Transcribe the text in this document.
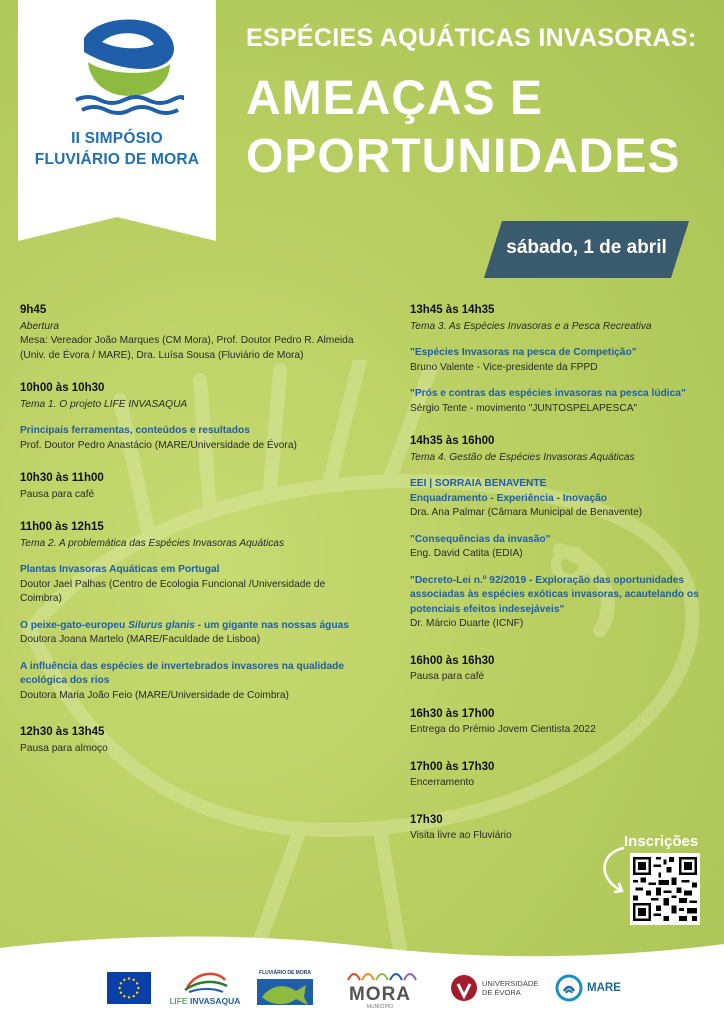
II SIMPÓSIO
FLUVIÁRIO DE MORA
ESPÉCIES AQUÁTICAS INVASORAS:
AMEAÇAS E
OPORTUNIDADES
sábado, 1 de abril
9h45
Abertura
Mesa: Vereador João Marques (CM Mora), Prof. Doutor Pedro R. Almeida (Univ. de Évora / MARE), Dra. Luísa Sousa (Fluviário de Mora)
10h00 às 10h30
Tema 1. O projeto LIFE INVASAQUA
Principais ferramentas, conteúdos e resultados
Prof. Doutor Pedro Anastácio (MARE/Universidade de Évora)
10h30 às 11h00
Pausa para café
11h00 às 12h15
Tema 2. A problemática das Espécies Invasoras Aquáticas
Plantas Invasoras Aquáticas em Portugal
Doutor Jael Palhas (Centro de Ecologia Funcional /Universidade de Coimbra)
O peixe-gato-europeu Silurus glanis - um gigante nas nossas águas
Doutora Joana Martelo (MARE/Faculdade de Lisboa)
A influência das espécies de invertebrados invasores na qualidade ecológica dos rios
Doutora Maria João Feio (MARE/Universidade de Coimbra)
12h30 às 13h45
Pausa para almoço
13h45 às 14h35
Tema 3. As Espécies Invasoras e a Pesca Recreativa
"Espécies Invasoras na pesca de Competição"
Bruno Valente - Vice-presidente da FPPD
"Prós e contras das espécies invasoras na pesca lúdica"
Sérgio Tente - movimento "JUNTOSPELAPESCA"
14h35 às 16h00
Tema 4. Gestão de Espécies Invasoras Aquáticas
EEI | SORRAIA BENAVENTE
Enquadramento - Experiência - Inovação
Dra. Ana Palmar (Câmara Municipal de Benavente)
"Consequências da invasão"
Eng. David Catita (EDIA)
"Decreto-Lei n.º 92/2019 - Exploração das oportunidades associadas às espécies exóticas invasoras, acautelando os potenciais efeitos indesejáveis"
Dr. Márcio Duarte (ICNF)
16h00 às 16h30
Pausa para café
16h30 às 17h00
Entrega do Prémio Jovem Cientista 2022
17h00 às 17h30
Encerramento
17h30
Visita livre ao Fluviário	Inscrições
LIFE INVASAQUA
FLUVIÁRIO DE MORA
MORA
MUNICÍPIO
UNIVERSIDADE
DE ÉVORA	MARE
